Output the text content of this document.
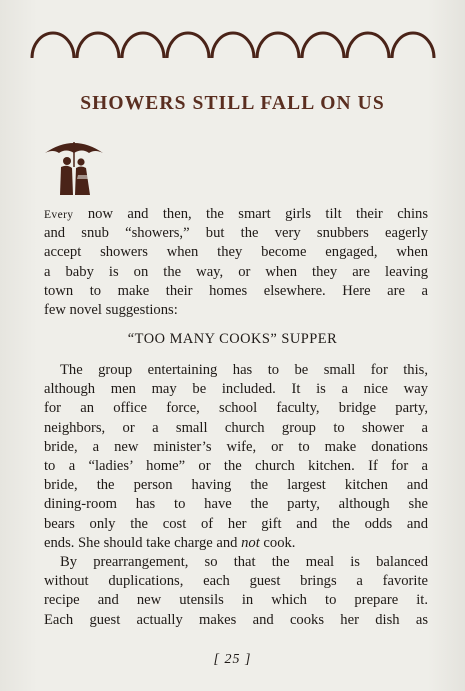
SHOWERS STILL FALL ON US
Every now and then, the smart girls tilt their chins
and snub “showers,” but the very snubbers eagerly
accept showers when they become engaged, when
a baby is on the way, or when they are leaving
town to make their homes elsewhere. Here are a
few novel suggestions:
“TOO MANY COOKS” SUPPER
The group entertaining has to be small for this,
although men may be included. It is a nice way
for an office force, school faculty, bridge party,
neighbors, or a small church group to shower a
bride, a new minister’s wife, or to make donations
to a “ladies’ home” or the church kitchen. If for a
bride, the person having the largest kitchen and
dining-room has to have the party, although she
bears only the cost of her gift and the odds and
ends. She should take charge and not cook.
By prearrangement, so that the meal is balanced
without duplications, each guest brings a favorite
recipe and new utensils in which to prepare it.
Each guest actually makes and cooks her dish as
[ 25 ]
